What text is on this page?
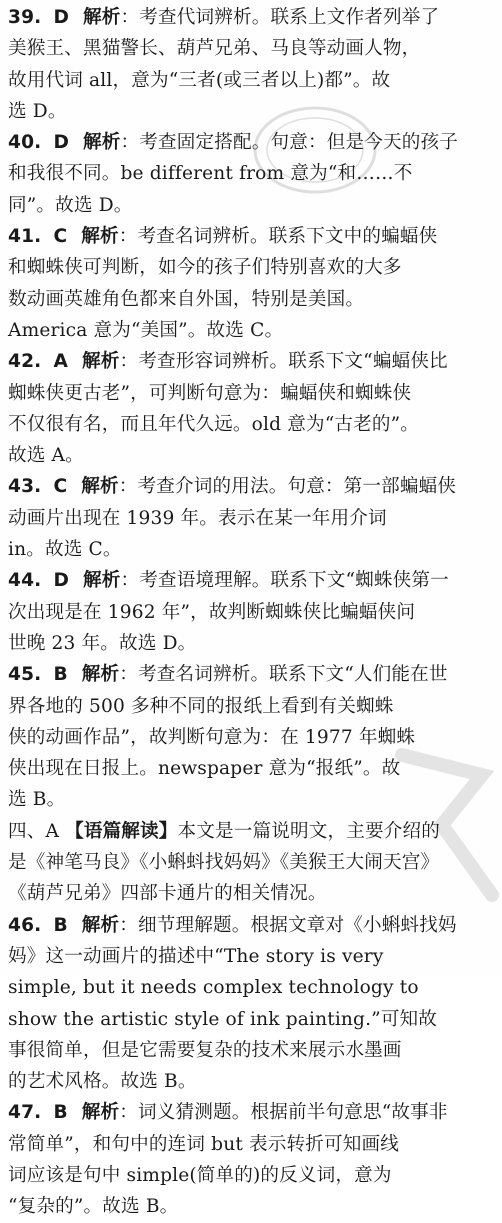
39. D 解析：考查代词辨析。联系上文作者列举了
美猴王、黑猫警长、葫芦兄弟、马良等动画人物，
故用代词 all，意为“三者(或三者以上)都”。故
选 D。
40. D 解析：考查固定搭配。句意：但是今天的孩子
和我很不同。be different from 意为“和……不
同”。故选 D。
41. C 解析：考查名词辨析。联系下文中的蝙蝠侠
和蜘蛛侠可判断，如今的孩子们特别喜欢的大多
数动画英雄角色都来自外国，特别是美国。
America 意为“美国”。故选 C。
42. A 解析：考查形容词辨析。联系下文“蝙蝠侠比
蜘蛛侠更古老”，可判断句意为：蝙蝠侠和蜘蛛侠
不仅很有名，而且年代久远。old 意为“古老的”。
故选 A。
43. C 解析：考查介词的用法。句意：第一部蝙蝠侠
动画片出现在 1939 年。表示在某一年用介词
in。故选 C。
44. D 解析：考查语境理解。联系下文“蜘蛛侠第一
次出现是在 1962 年”，故判断蜘蛛侠比蝙蝠侠问
世晚 23 年。故选 D。
45. B 解析：考查名词辨析。联系下文“人们能在世
界各地的 500 多种不同的报纸上看到有关蜘蛛
侠的动画作品”，故判断句意为：在 1977 年蜘蛛
侠出现在日报上。newspaper 意为“报纸”。故
选 B。
四、A 【语篇解读】本文是一篇说明文，主要介绍的
是《神笔马良》《小蝌蚪找妈妈》《美猴王大闹天宫》
《葫芦兄弟》四部卡通片的相关情况。
46. B 解析：细节理解题。根据文章对《小蝌蚪找妈
妈》这一动画片的描述中“The story is very
simple, but it needs complex technology to
show the artistic style of ink painting.”可知故
事很简单，但是它需要复杂的技术来展示水墨画
的艺术风格。故选 B。
47. B 解析：词义猜测题。根据前半句意思“故事非
常简单”，和句中的连词 but 表示转折可知画线
词应该是句中 simple(简单的)的反义词，意为
“复杂的”。故选 B。
